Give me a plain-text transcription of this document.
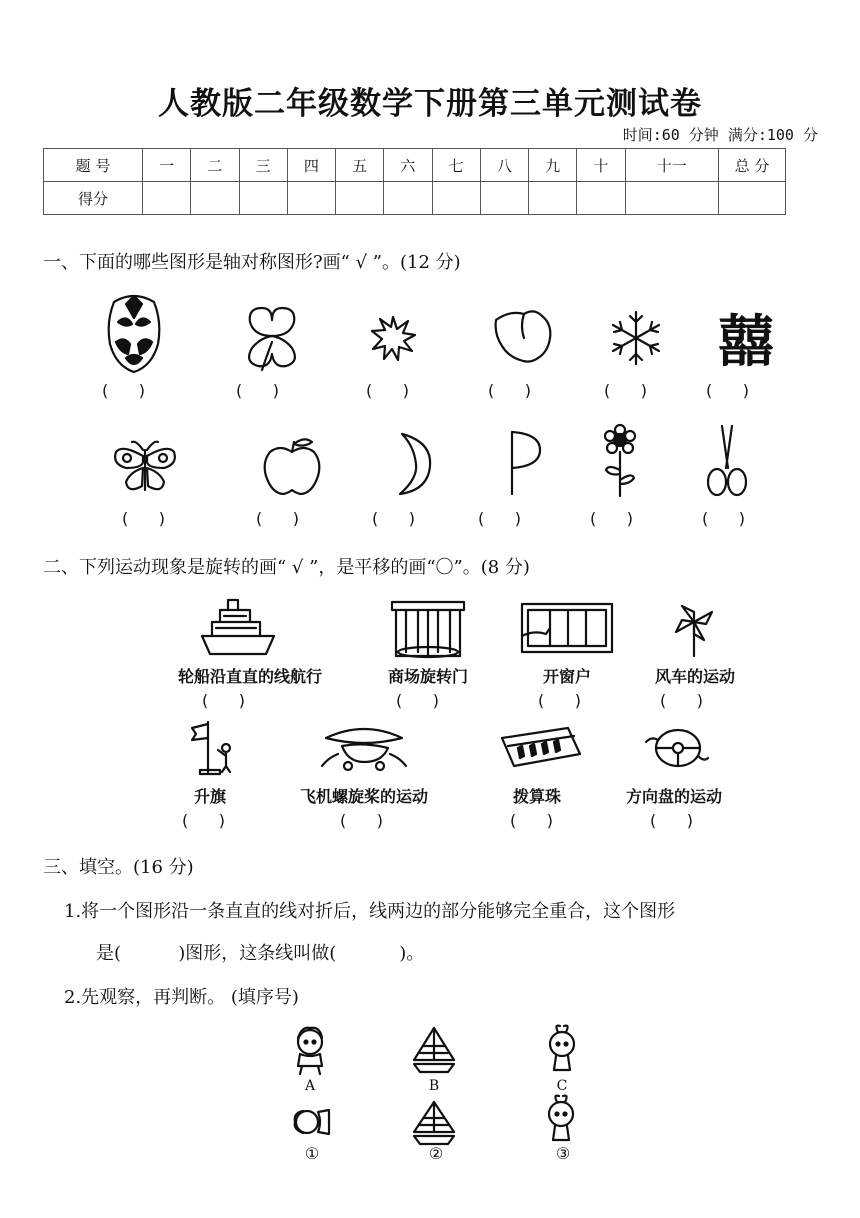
人教版二年级数学下册第三单元测试卷
时间:60 分钟 满分:100 分
题 号	一	二	三	四	五	六	七	八	九	十	十一	总 分
得分												
一、下面的哪些图形是轴对称图形?画“ √ ”。(12 分)
囍
(      )	(      )	(      )	(      )	(      )	(      )
(      )	(      )	(      )	(      )	(      )	(      )
二、下列运动现象是旋转的画“ √ ”，是平移的画“〇”。(8 分)
轮船沿直直的线航行	商场旋转门	开窗户	风车的运动
(      )	(      )	(      )	(      )
升旗	飞机螺旋桨的运动	拨算珠	方向盘的运动
(      )	(      )	(      )	(      )
三、填空。(16 分)
1.将一个图形沿一条直直的线对折后，线两边的部分能够完全重合，这个图形
是(          )图形，这条线叫做(           )。
2.先观察，再判断。 (填序号)
A	B	C
①	②	③
